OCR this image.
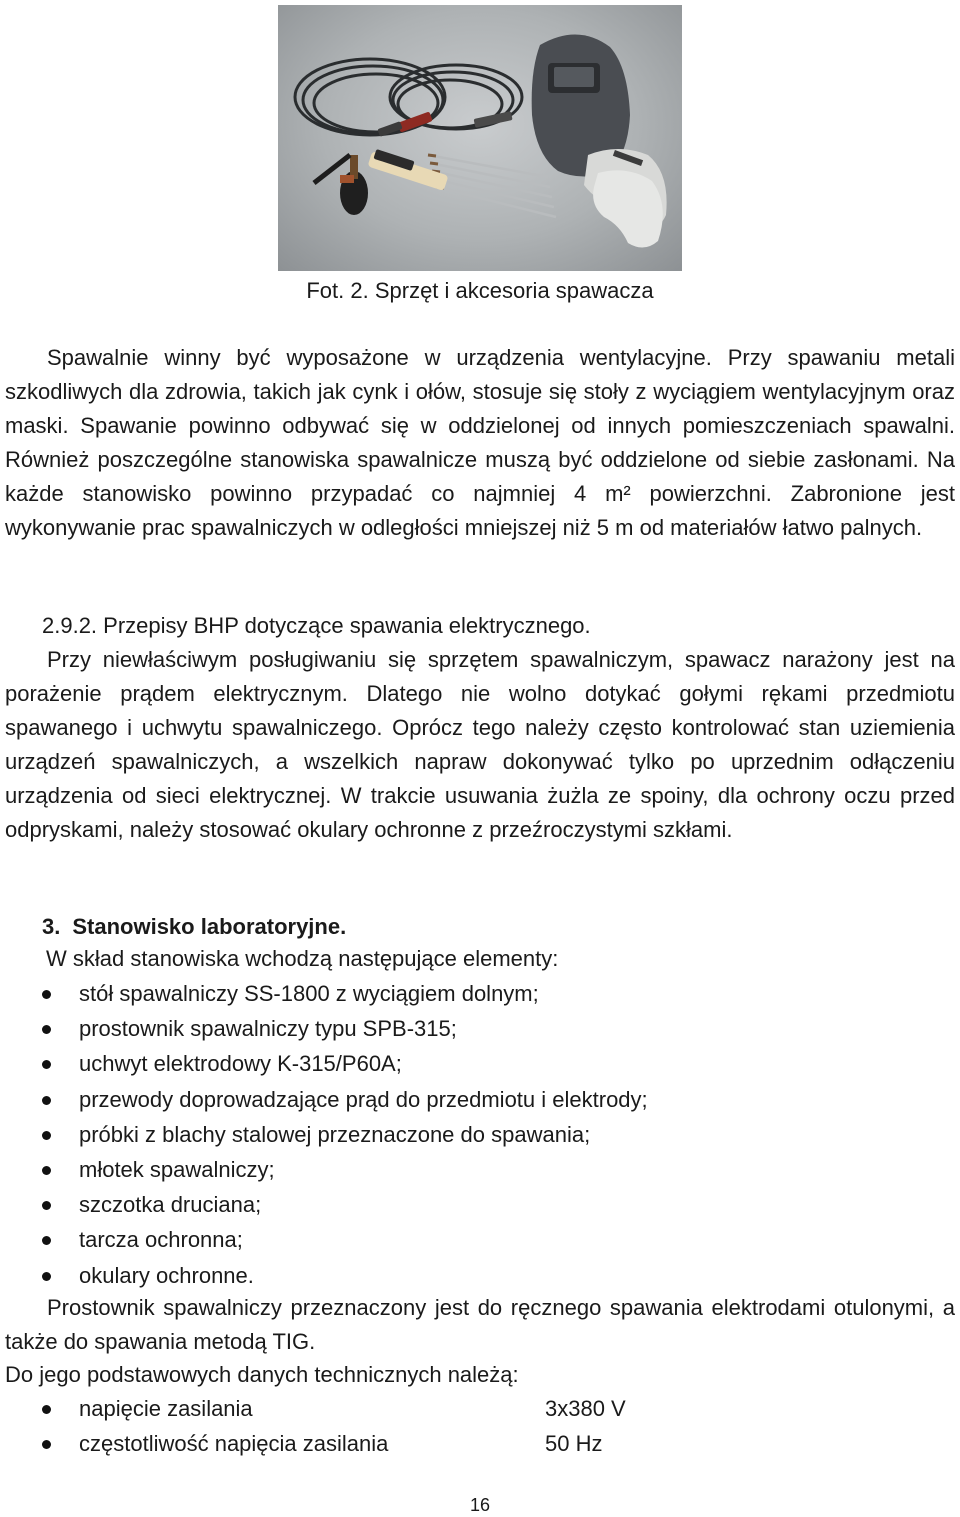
Fot. 2. Sprzęt i akcesoria spawacza

Spawalnie winny być wyposażone w urządzenia wentylacyjne. Przy spawaniu metali szkodliwych dla zdrowia, takich jak cynk i ołów, stosuje się stoły z wyciągiem wentylacyjnym oraz maski. Spawanie powinno odbywać się w oddzielonej od innych pomieszczeniach spawalni. Również poszczególne stanowiska spawalnicze muszą być oddzielone od siebie zasłonami. Na każde stanowisko powinno przypadać co najmniej 4 m² powierzchni. Zabronione jest wykonywanie prac spawalniczych w odległości mniejszej niż 5 m od materiałów łatwo palnych.

2.9.2. Przepisy BHP dotyczące spawania elektrycznego.

Przy niewłaściwym posługiwaniu się sprzętem spawalniczym, spawacz narażony jest na porażenie prądem elektrycznym. Dlatego nie wolno dotykać gołymi rękami przedmiotu spawanego i uchwytu spawalniczego. Oprócz tego należy często kontrolować stan uziemienia urządzeń spawalniczych, a wszelkich napraw dokonywać tylko po uprzednim odłączeniu urządzenia od sieci elektrycznej. W trakcie usuwania żużla ze spoiny, dla ochrony oczu przed odpryskami, należy stosować okulary ochronne z przeźroczystymi szkłami.

3. Stanowisko laboratoryjne.
W skład stanowiska wchodzą następujące elementy:
stół spawalniczy SS-1800 z wyciągiem dolnym;
prostownik spawalniczy typu SPB-315;
uchwyt elektrodowy K-315/P60A;
przewody doprowadzające prąd do przedmiotu i elektrody;
próbki z blachy stalowej przeznaczone do spawania;
młotek spawalniczy;
szczotka druciana;
tarcza ochronna;
okulary ochronne.

Prostownik spawalniczy przeznaczony jest do ręcznego spawania elektrodami otulonymi, a także do spawania metodą TIG.

Do jego podstawowych danych technicznych należą:
napięcie zasilania	3x380 V
częstotliwość napięcia zasilania	50 Hz
16
